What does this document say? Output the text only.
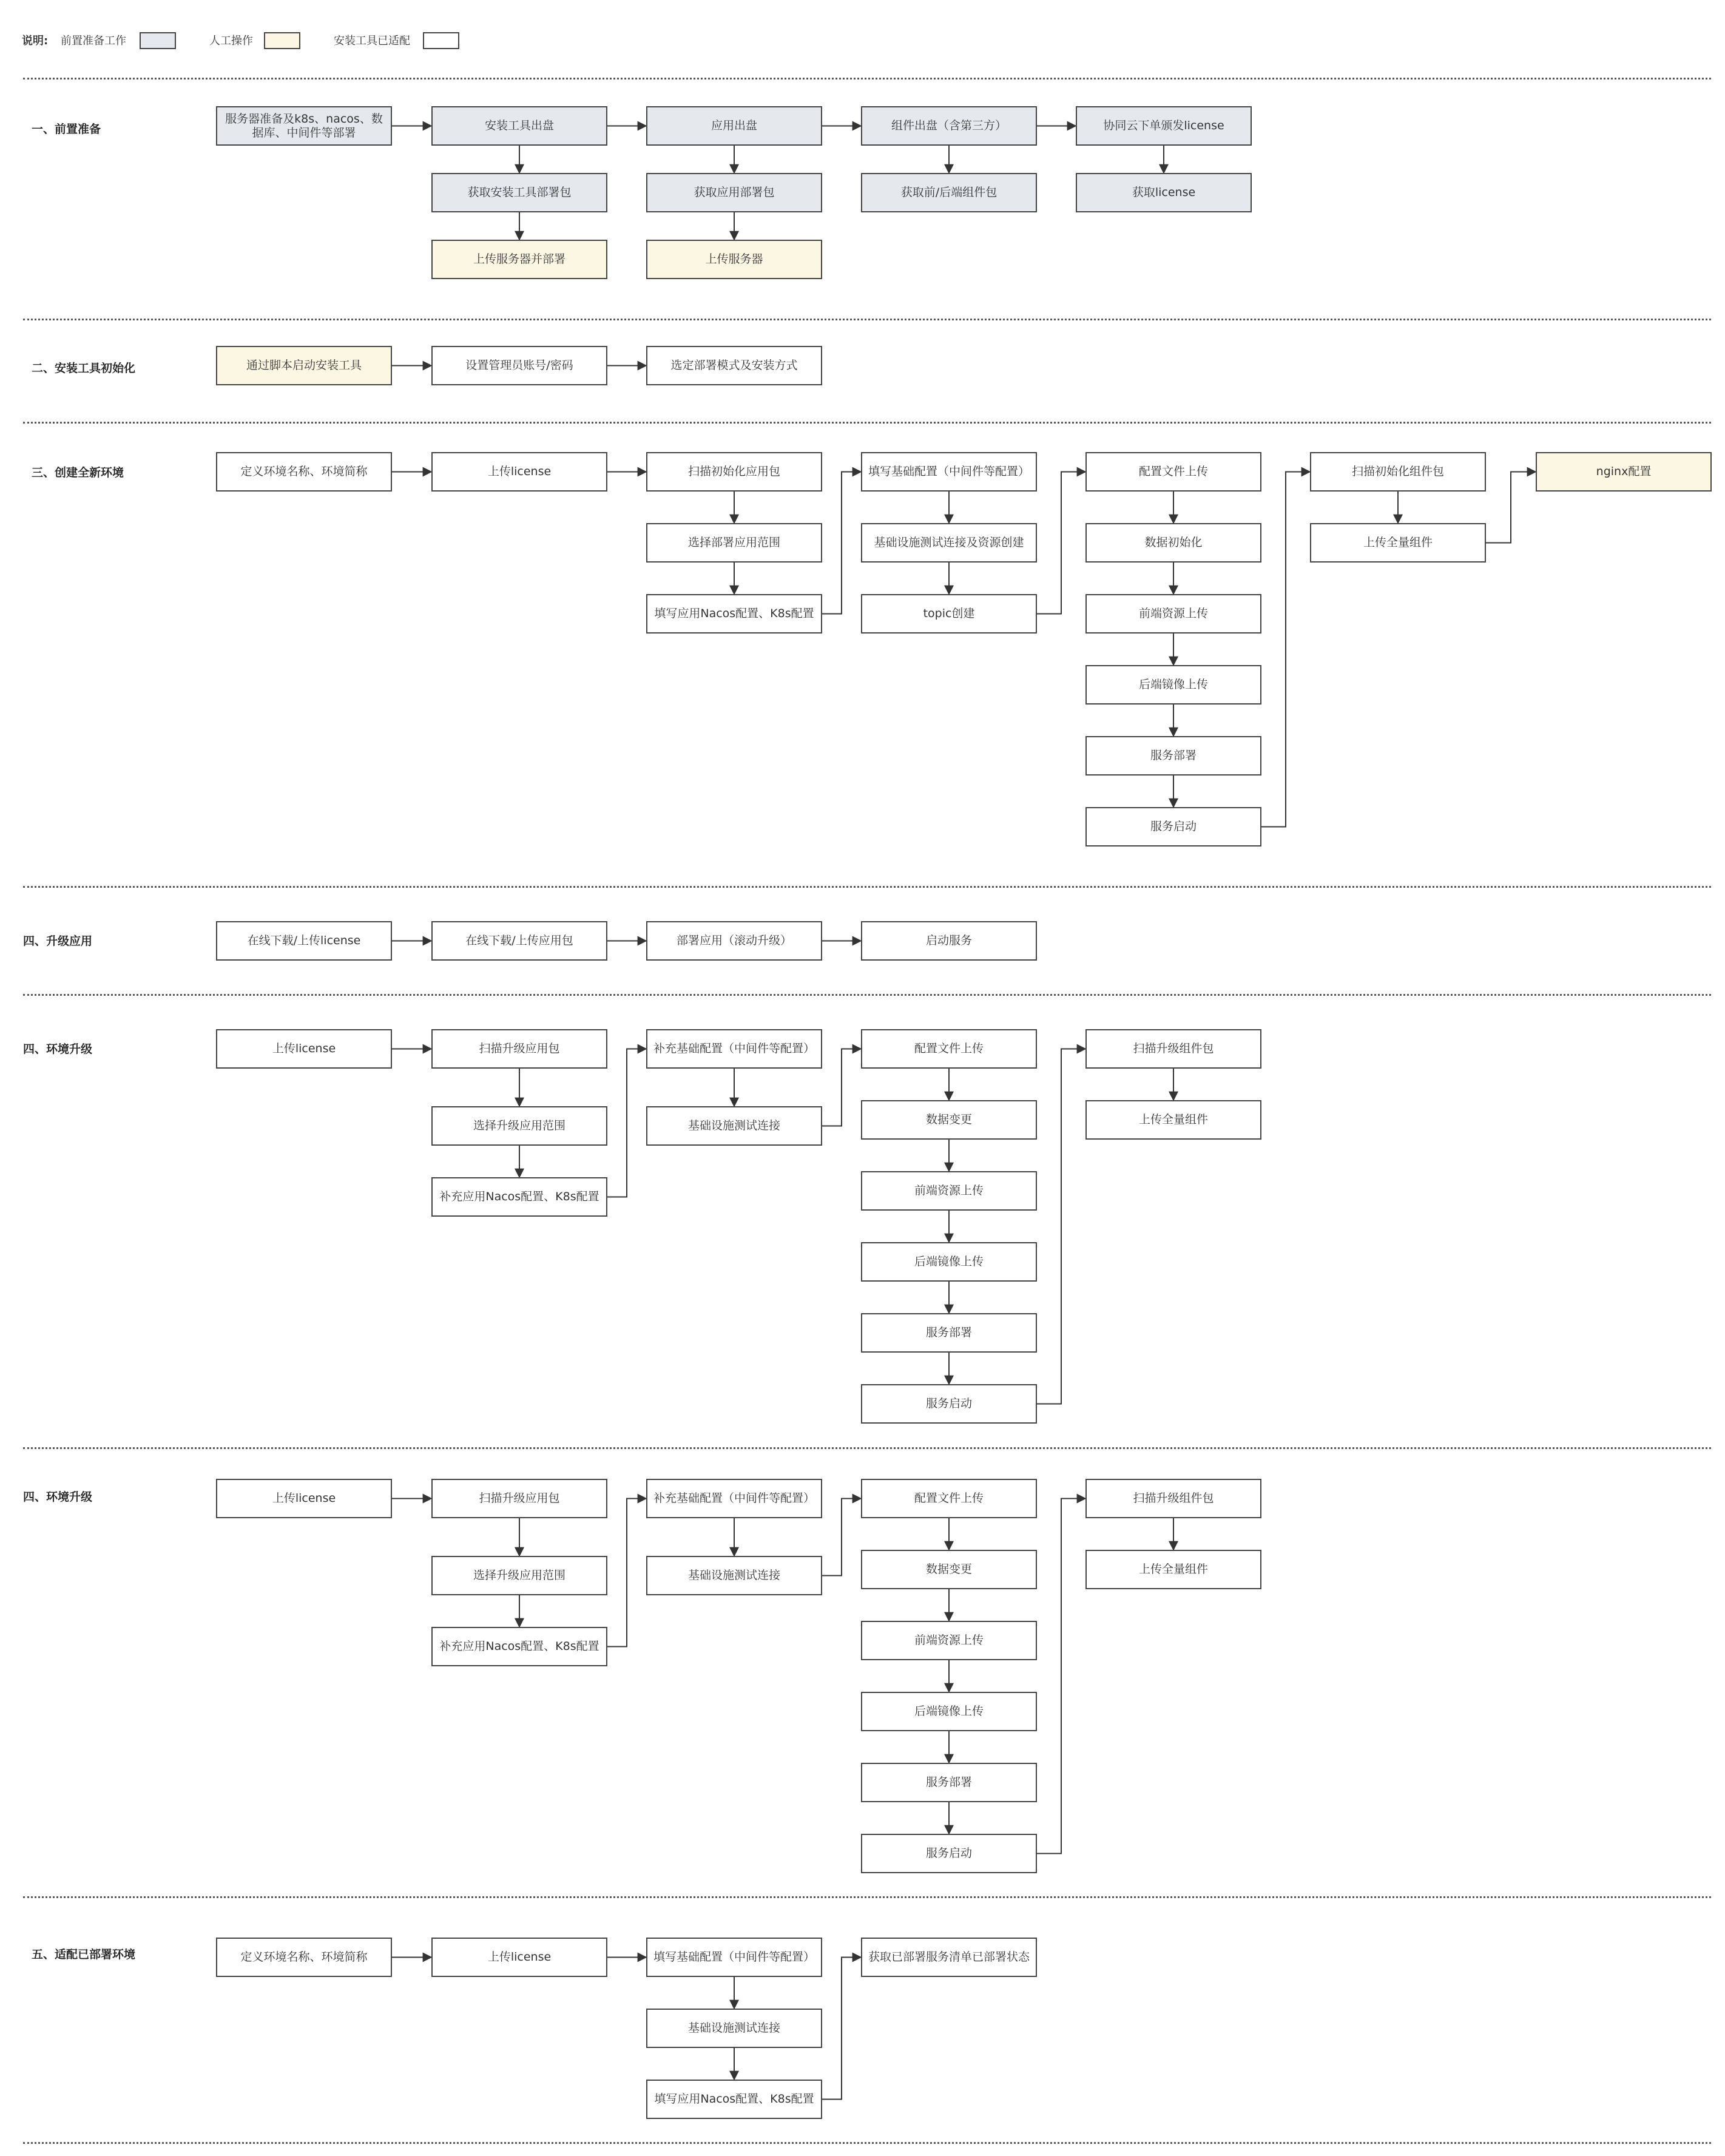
说明: 前置准备工作	人工操作	安装工具已适配
一、前置准备
二、安装工具初始化
三、创建全新环境
四、升级应用
四、环境升级
四、环境升级
五、适配已部署环境
服务器准备及k8s、nacos、数据库、中间件等部署
安装工具出盘
获取安装工具部署包
上传服务器并部署
应用出盘
获取应用部署包
上传服务器
组件出盘（含第三方）
获取前/后端组件包
协同云下单颁发license
获取license
通过脚本启动安装工具	设置管理员账号/密码	选定部署模式及安装方式
定义环境名称、环境简称	上传license	扫描初始化应用包
选择部署应用范围
填写应用Nacos配置、K8s配置
填写基础配置（中间件等配置）
基础设施测试连接及资源创建
topic创建
配置文件上传
数据初始化
前端资源上传
后端镜像上传
服务部署
服务启动
扫描初始化组件包
上传全量组件
nginx配置
在线下载/上传license	在线下载/上传应用包	部署应用（滚动升级）	启动服务
上传license	扫描升级应用包
选择升级应用范围
补充应用Nacos配置、K8s配置
补充基础配置（中间件等配置）
基础设施测试连接
配置文件上传
数据变更
前端资源上传
后端镜像上传
服务部署
服务启动
扫描升级组件包
上传全量组件
上传license	扫描升级应用包
选择升级应用范围
补充应用Nacos配置、K8s配置
补充基础配置（中间件等配置）
基础设施测试连接
配置文件上传
数据变更
前端资源上传
后端镜像上传
服务部署
服务启动
扫描升级组件包
上传全量组件
定义环境名称、环境简称	上传license	填写基础配置（中间件等配置）
基础设施测试连接
填写应用Nacos配置、K8s配置
获取已部署服务清单已部署状态
